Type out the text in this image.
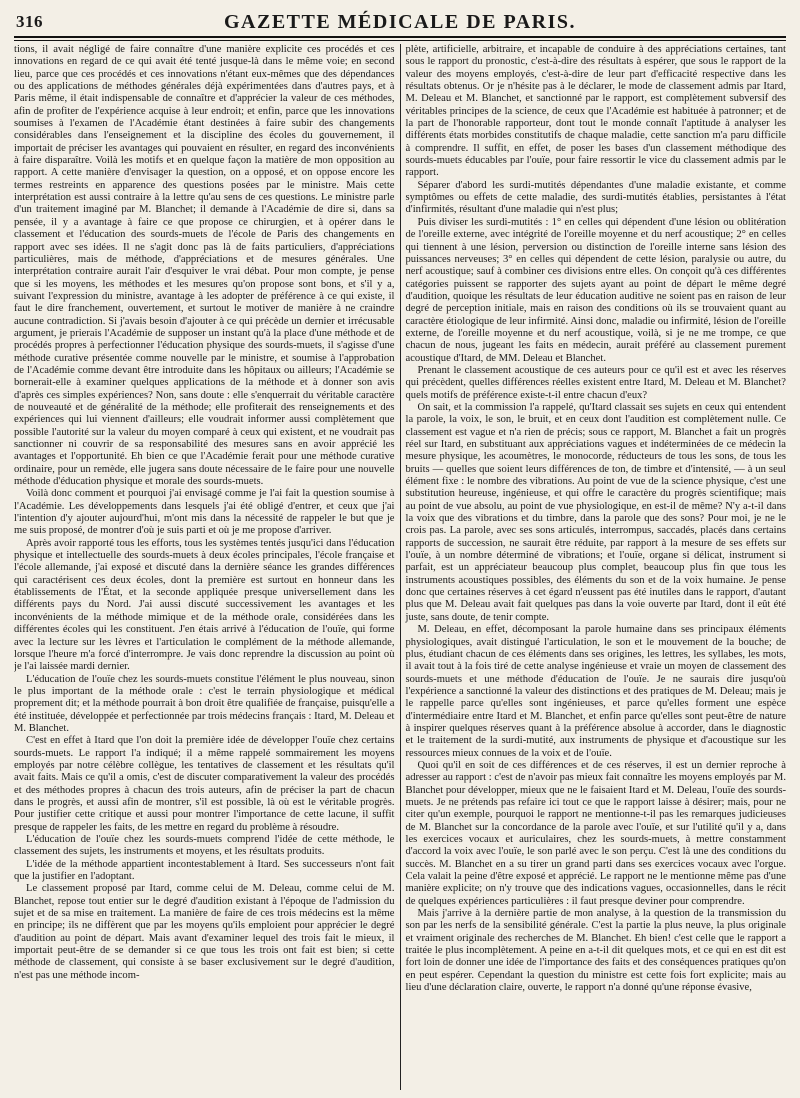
316	GAZETTE MÉDICALE DE PARIS.

tions, il avait négligé de faire connaître d'une manière explicite ces procédés et ces innovations en regard de ce qui avait été tenté jusque-là dans le même voie; en second lieu, parce que ces procédés et ces innovations n'étant eux-mêmes que des dépendances ou des applications de méthodes générales déjà expérimentées dans d'autres pays, et à Paris même, il était indispensable de connaître et d'apprécier la valeur de ces méthodes, afin de profiter de l'expérience acquise à leur endroit; et enfin, parce que les innovations soumises à l'examen de l'Académie étant destinées à faire subir des changements considérables dans l'enseignement et la discipline des écoles du gouvernement, il importait de préciser les avantages qui pouvaient en résulter, en regard des inconvénients à faire disparaître. Voilà les motifs et en quelque façon la matière de mon opposition au rapport. A cette manière d'envisager la question, on a opposé, et on oppose encore les termes restreints en apparence des questions posées par le ministre. Mais cette interprétation est aussi contraire à la lettre qu'au sens de ces questions. Le ministre parle d'un traitement imaginé par M. Blanchet; il demande à l'Académie de dire si, dans sa pensée, il y a avantage à faire ce que propose ce chirurgien, et à opérer dans le classement et l'éducation des sourds-muets de l'école de Paris des changements en rapport avec ses idées. Il ne s'agit donc pas là de faits particuliers, d'appréciations particulières, mais de méthode, d'appréciations et de mesures générales. Une interprétation contraire aurait l'air d'esquiver le vrai débat. Pour mon compte, je pense que si les moyens, les méthodes et les mesures qu'on propose sont bons, et s'il y a, suivant l'expression du ministre, avantage à les adopter de préférence à ce qui existe, il faut le dire franchement, ouvertement, et surtout le motiver de manière à ne craindre aucune contradiction. Si j'avais besoin d'ajouter à ce qui précède un dernier et irrécusable argument, je prierais l'Académie de supposer un instant qu'à la place d'une méthode et de procédés propres à perfectionner l'éducation physique des sourds-muets, il s'agisse d'une méthode curative présentée comme nouvelle par le ministre, et soumise à l'approbation de l'Académie comme devant être introduite dans les hôpitaux ou ailleurs; l'Académie se bornerait-elle à examiner quelques applications de la méthode et à donner son avis d'après ces simples expériences? Non, sans doute : elle s'enquerrait du véritable caractère de nouveauté et de généralité de la méthode; elle profiterait des renseignements et des expériences qui lui viennent d'ailleurs; elle voudrait informer aussi complètement que possible l'autorité sur la valeur du moyen comparé à ceux qui existent, et ne voudrait pas sanctionner ni couvrir de sa responsabilité des mesures sans en avoir apprécié les avantages et l'opportunité. Eh bien ce que l'Académie ferait pour une méthode curative ordinaire, pour un remède, elle jugera sans doute nécessaire de le faire pour une nouvelle méthode d'éducation physique et morale des sourds-muets.

Voilà donc comment et pourquoi j'ai envisagé comme je l'ai fait la question soumise à l'Académie. Les développements dans lesquels j'ai été obligé d'entrer, et ceux que j'ai l'intention d'y ajouter aujourd'hui, m'ont mis dans la nécessité de rappeler le but que je me suis proposé, de montrer d'où je suis parti et où je me propose d'arriver.

Après avoir rapporté tous les efforts, tous les systèmes tentés jusqu'ici dans l'éducation physique et intellectuelle des sourds-muets à deux écoles principales, l'école française et l'école allemande, j'ai exposé et discuté dans la dernière séance les grandes différences qui caractérisent ces deux écoles, dont la première est surtout en honneur dans les établissements de l'État, et la seconde appliquée presque universellement dans les différents pays du Nord. J'ai aussi discuté successivement les avantages et les inconvénients de la méthode mimique et de la méthode orale, considérées dans les différentes écoles qui les constituent. J'en étais arrivé à l'éducation de l'ouïe, qui forme avec la lecture sur les lèvres et l'articulation le complément de la méthode allemande, lorsque l'heure m'a forcé d'interrompre. Je vais donc reprendre la discussion au point où je l'ai laissée mardi dernier.

L'éducation de l'ouïe chez les sourds-muets constitue l'élément le plus nouveau, sinon le plus important de la méthode orale : c'est le terrain physiologique et médical proprement dit; et la méthode pourrait à bon droit être qualifiée de française, puisqu'elle a été instituée, développée et perfectionnée par trois médecins français : Itard, M. Deleau et M. Blanchet.

C'est en effet à Itard que l'on doit la première idée de développer l'ouïe chez certains sourds-muets. Le rapport l'a indiqué; il a même rappelé sommairement les moyens employés par notre célèbre collègue, les tentatives de classement et les résultats qu'il avait faits. Mais ce qu'il a omis, c'est de discuter comparativement la valeur des procédés et des méthodes propres à chacun des trois auteurs, afin de préciser la part de chacun dans le progrès, et aussi afin de montrer, s'il est possible, là où est le véritable progrès. Pour justifier cette critique et aussi pour montrer l'importance de cette lacune, il suffit presque de rappeler les faits, de les mettre en regard du problème à résoudre.

L'éducation de l'ouïe chez les sourds-muets comprend l'idée de cette méthode, le classement des sujets, les instruments et moyens, et les résultats produits.

L'idée de la méthode appartient incontestablement à Itard. Ses successeurs n'ont fait que la justifier en l'adoptant.

Le classement proposé par Itard, comme celui de M. Deleau, comme celui de M. Blanchet, repose tout entier sur le degré d'audition existant à l'époque de l'admission du sujet et de sa mise en traitement. La manière de faire de ces trois médecins est la même en principe; ils ne diffèrent que par les moyens qu'ils emploient pour apprécier le degré d'audition au point de départ. Mais avant d'examiner lequel des trois fait le mieux, il importait peut-être de se demander si ce que tous les trois ont fait est bien; si cette méthode de classement, qui consiste à se baser exclusivement sur le degré d'audition, n'est pas une méthode incom-

plète, artificielle, arbitraire, et incapable de conduire à des appréciations certaines, tant sous le rapport du pronostic, c'est-à-dire des résultats à espérer, que sous le rapport de la valeur des moyens employés, c'est-à-dire de leur part d'efficacité respective dans les résultats obtenus. Or je n'hésite pas à le déclarer, le mode de classement admis par Itard, M. Deleau et M. Blanchet, et sanctionné par le rapport, est complètement subversif des véritables principes de la science, de ceux que l'Académie est habituée à patronner; et de la part de l'honorable rapporteur, dont tout le monde connaît l'aptitude à analyser les différents états morbides constitutifs de chaque maladie, cette sanction m'a paru difficile à comprendre. Il suffit, en effet, de poser les bases d'un classement méthodique des sourds-muets éducables par l'ouïe, pour faire ressortir le vice du classement admis par le rapport.

Séparer d'abord les surdi-mutités dépendantes d'une maladie existante, et comme symptômes ou effets de cette maladie, des surdi-mutités établies, persistantes à l'état d'infirmités, résultant d'une maladie qui n'est plus;

Puis diviser les surdi-mutités : 1° en celles qui dépendent d'une lésion ou oblitération de l'oreille externe, avec intégrité de l'oreille moyenne et du nerf acoustique; 2° en celles qui tiennent à une lésion, perversion ou distinction de l'oreille interne sans lésion des puissances nerveuses; 3° en celles qui dépendent de cette lésion, paralysie ou autre, du nerf acoustique; sauf à combiner ces divisions entre elles. On conçoit qu'à ces différentes catégories puissent se rapporter des sujets ayant au point de départ le même degré d'audition, quoique les résultats de leur éducation auditive ne soient pas en raison de leur degré de perception initiale, mais en raison des conditions où ils se trouvaient quant au caractère étiologique de leur infirmité. Ainsi donc, maladie ou infirmité, lésion de l'oreille externe, de l'oreille moyenne et du nerf acoustique, voilà, si je ne me trompe, ce que chacun de nous, jugeant les faits en médecin, aurait préféré au classement purement acoustique d'Itard, de MM. Deleau et Blanchet.

Prenant le classement acoustique de ces auteurs pour ce qu'il est et avec les réserves qui précèdent, quelles différences réelles existent entre Itard, M. Deleau et M. Blanchet? quels motifs de préférence existe-t-il entre chacun d'eux?

On sait, et la commission l'a rappelé, qu'Itard classait ses sujets en ceux qui entendent la parole, la voix, le son, le bruit, et en ceux dont l'audition est complètement nulle. Ce classement est vague et n'a rien de précis; sous ce rapport, M. Blanchet a fait un progrès réel sur Itard, en substituant aux appréciations vagues et indéterminées de ce médecin la mesure physique, les acoumètres, le monocorde, réducteurs de tous les sons, de tous les bruits — quelles que soient leurs différences de ton, de timbre et d'intensité, — à un seul élément fixe : le nombre des vibrations. Au point de vue de la science physique, c'est une substitution heureuse, ingénieuse, et qui offre le caractère du progrès scientifique; mais au point de vue absolu, au point de vue physiologique, en est-il de même? N'y a-t-il dans la voix que des vibrations et du timbre, dans la parole que des sons? Pour moi, je ne le crois pas. La parole, avec ses sons articulés, interrompus, saccadés, placés dans certains rapports de succession, ne saurait être réduite, par rapport à la mesure de ses effets sur l'ouïe, à un nombre déterminé de vibrations; et l'ouïe, organe si délicat, instrument si parfait, est un appréciateur beaucoup plus complet, beaucoup plus fin que tous les instruments acoustiques possibles, des éléments du son et de la voix humaine. Je pense donc que certaines réserves à cet égard n'eussent pas été inutiles dans le rapport, d'autant plus que M. Deleau avait fait quelques pas dans la voie ouverte par Itard, dont il eût été juste, sans doute, de tenir compte.

M. Deleau, en effet, décomposant la parole humaine dans ses principaux éléments physiologiques, avait distingué l'articulation, le son et le mouvement de la bouche; de plus, étudiant chacun de ces éléments dans ses origines, les lettres, les syllabes, les mots, il avait tout à la fois tiré de cette analyse ingénieuse et vraie un moyen de classement des sourds-muets et une méthode d'éducation de l'ouïe. Je ne saurais dire jusqu'où l'expérience a sanctionné la valeur des distinctions et des pratiques de M. Deleau; mais je le rappelle parce qu'elles sont ingénieuses, et parce qu'elles forment une espèce d'intermédiaire entre Itard et M. Blanchet, et enfin parce qu'elles sont peut-être de nature à inspirer quelques réserves quant à la préférence absolue à accorder, dans le diagnostic et le traitement de la surdi-mutité, aux instruments de physique et d'acoustique sur les ressources mieux connues de la voix et de l'ouïe.

Quoi qu'il en soit de ces différences et de ces réserves, il est un dernier reproche à adresser au rapport : c'est de n'avoir pas mieux fait connaître les moyens employés par M. Blanchet pour développer, mieux que ne le faisaient Itard et M. Deleau, l'ouïe des sourds-muets. Je ne prétends pas refaire ici tout ce que le rapport laisse à désirer; mais, pour ne citer qu'un exemple, pourquoi le rapport ne mentionne-t-il pas les remarques judicieuses de M. Blanchet sur la concordance de la parole avec l'ouïe, et sur l'utilité qu'il y a, dans les exercices vocaux et auriculaires, chez les sourds-muets, à mettre constamment d'accord la voix avec l'ouïe, le son parlé avec le son perçu. C'est là une des conditions du succès. M. Blanchet en a su tirer un grand parti dans ses exercices vocaux avec l'orgue. Cela valait la peine d'être exposé et apprécié. Le rapport ne le mentionne même pas d'une manière explicite; on n'y trouve que des indications vagues, occasionnelles, dans le récit de quelques expériences particulières : il faut presque deviner pour comprendre.

Mais j'arrive à la dernière partie de mon analyse, à la question de la transmission du son par les nerfs de la sensibilité générale. C'est la partie la plus neuve, la plus originale et vraiment originale des recherches de M. Blanchet. Eh bien! c'est celle que le rapport a traitée le plus incomplètement. A peine en a-t-il dit quelques mots, et ce qui en est dit est fort loin de donner une idée de l'importance des faits et des conséquences pratiques qu'on en peut espérer. Cependant la question du ministre est cette fois fort explicite; mais au lieu d'une déclaration claire, ouverte, le rapport n'a donné qu'une réponse évasive,
